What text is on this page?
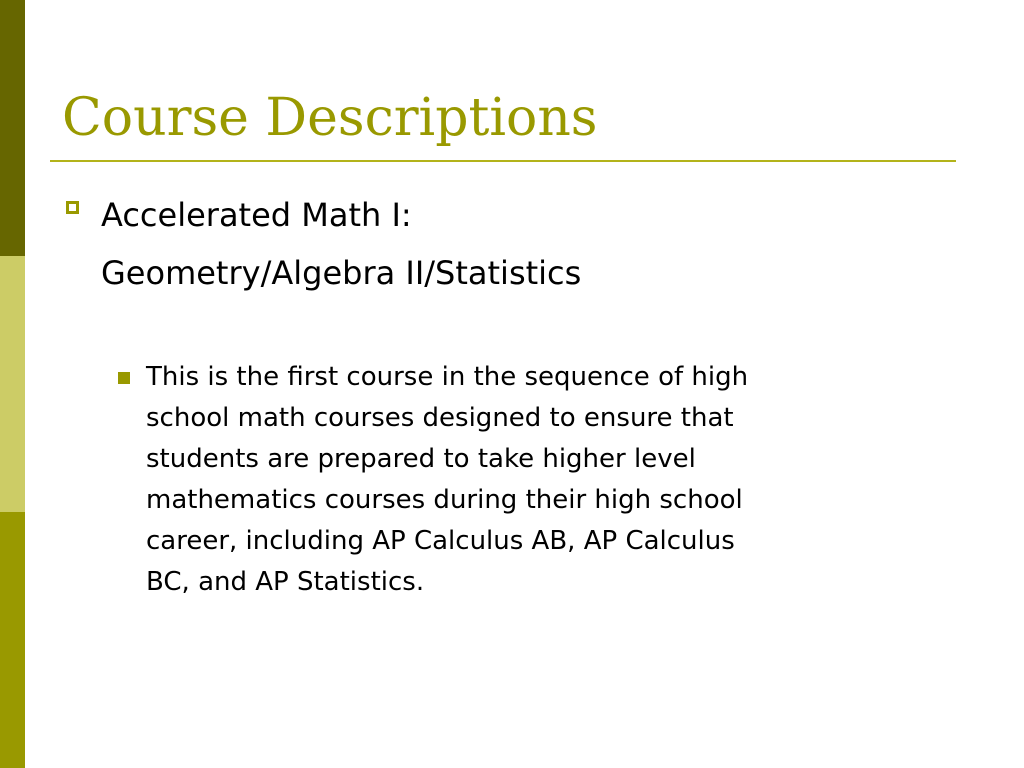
Course Descriptions

Accelerated Math I:
Geometry/Algebra II/Statistics

This is the first course in the sequence of high
school math courses designed to ensure that
students are prepared to take higher level
mathematics courses during their high school
career, including AP Calculus AB, AP Calculus
BC, and AP Statistics.
